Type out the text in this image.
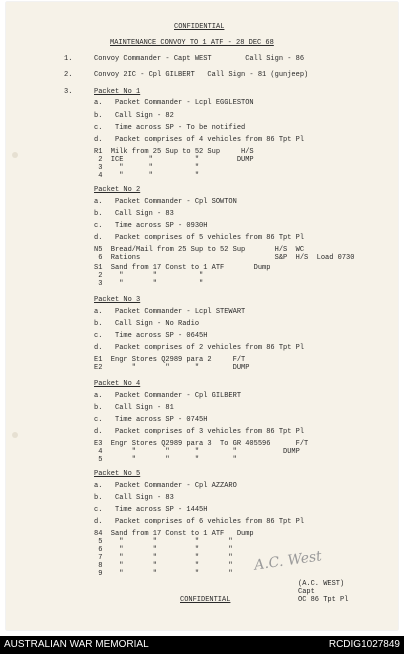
CONFIDENTIAL
MAINTENANCE CONVOY TO 1 ATF - 28 DEC 68
1.	Convoy Commander - Capt WEST        Call Sign - 86
2.	Convoy 2IC - Cpl GILBERT   Call Sign - 81 (gunjeep)
3.	Packet No 1
a.   Packet Commander - Lcpl EGGLESTON
b.   Call Sign - 82
c.   Time across SP - To be notified
d.   Packet comprises of 4 vehicles from 86 Tpt Pl
R1  Milk from 25 Sup to 52 Sup     H/S
2  ICE      "          "         DUMP
3    "      "          "
4    "      "          "
Packet No 2
a.   Packet Commander - Cpl SOWTON
b.   Call Sign - 83
c.   Time across SP - 0930H
d.   Packet comprises of 5 vehicles from 86 Tpt Pl
N5  Bread/Mail from 25 Sup to 52 Sup       H/S  WC
6  Rations                                S&P  H/S  Load 0730
S1  Sand from 17 Const to 1 ATF       Dump
2    "       "          "
3    "       "          "
Packet No 3
a.   Packet Commander - Lcpl STEWART
b.   Call Sign - No Radio
c.   Time across SP - 0645H
d.   Packet comprises of 2 vehicles from 86 Tpt Pl
E1  Engr Stores Q2989 para 2     F/T
E2       "       "      "        DUMP
Packet No 4
a.   Packet Commander - Cpl GILBERT
b.   Call Sign - 81
c.   Time across SP - 0745H
d.   Packet comprises of 3 vehicles from 86 Tpt Pl
E3  Engr Stores Q2989 para 3  To GR 405596      F/T
4       "       "      "        "           DUMP
5       "       "      "        "
Packet No 5
a.   Packet Commander - Cpl AZZARO
b.   Call Sign - 83
c.   Time across SP - 1445H
d.   Packet comprises of 6 vehicles from 86 Tpt Pl
84  Sand from 17 Const to 1 ATF   Dump
5    "       "         "       "
6    "       "         "       "
7    "       "         "       "
8    "       "         "       "
9    "       "         "       "
A.C. West
(A.C. WEST)
Capt
OC 86 Tpt Pl
CONFIDENTIAL
AUSTRALIAN WAR MEMORIAL	RCDIG1027849
